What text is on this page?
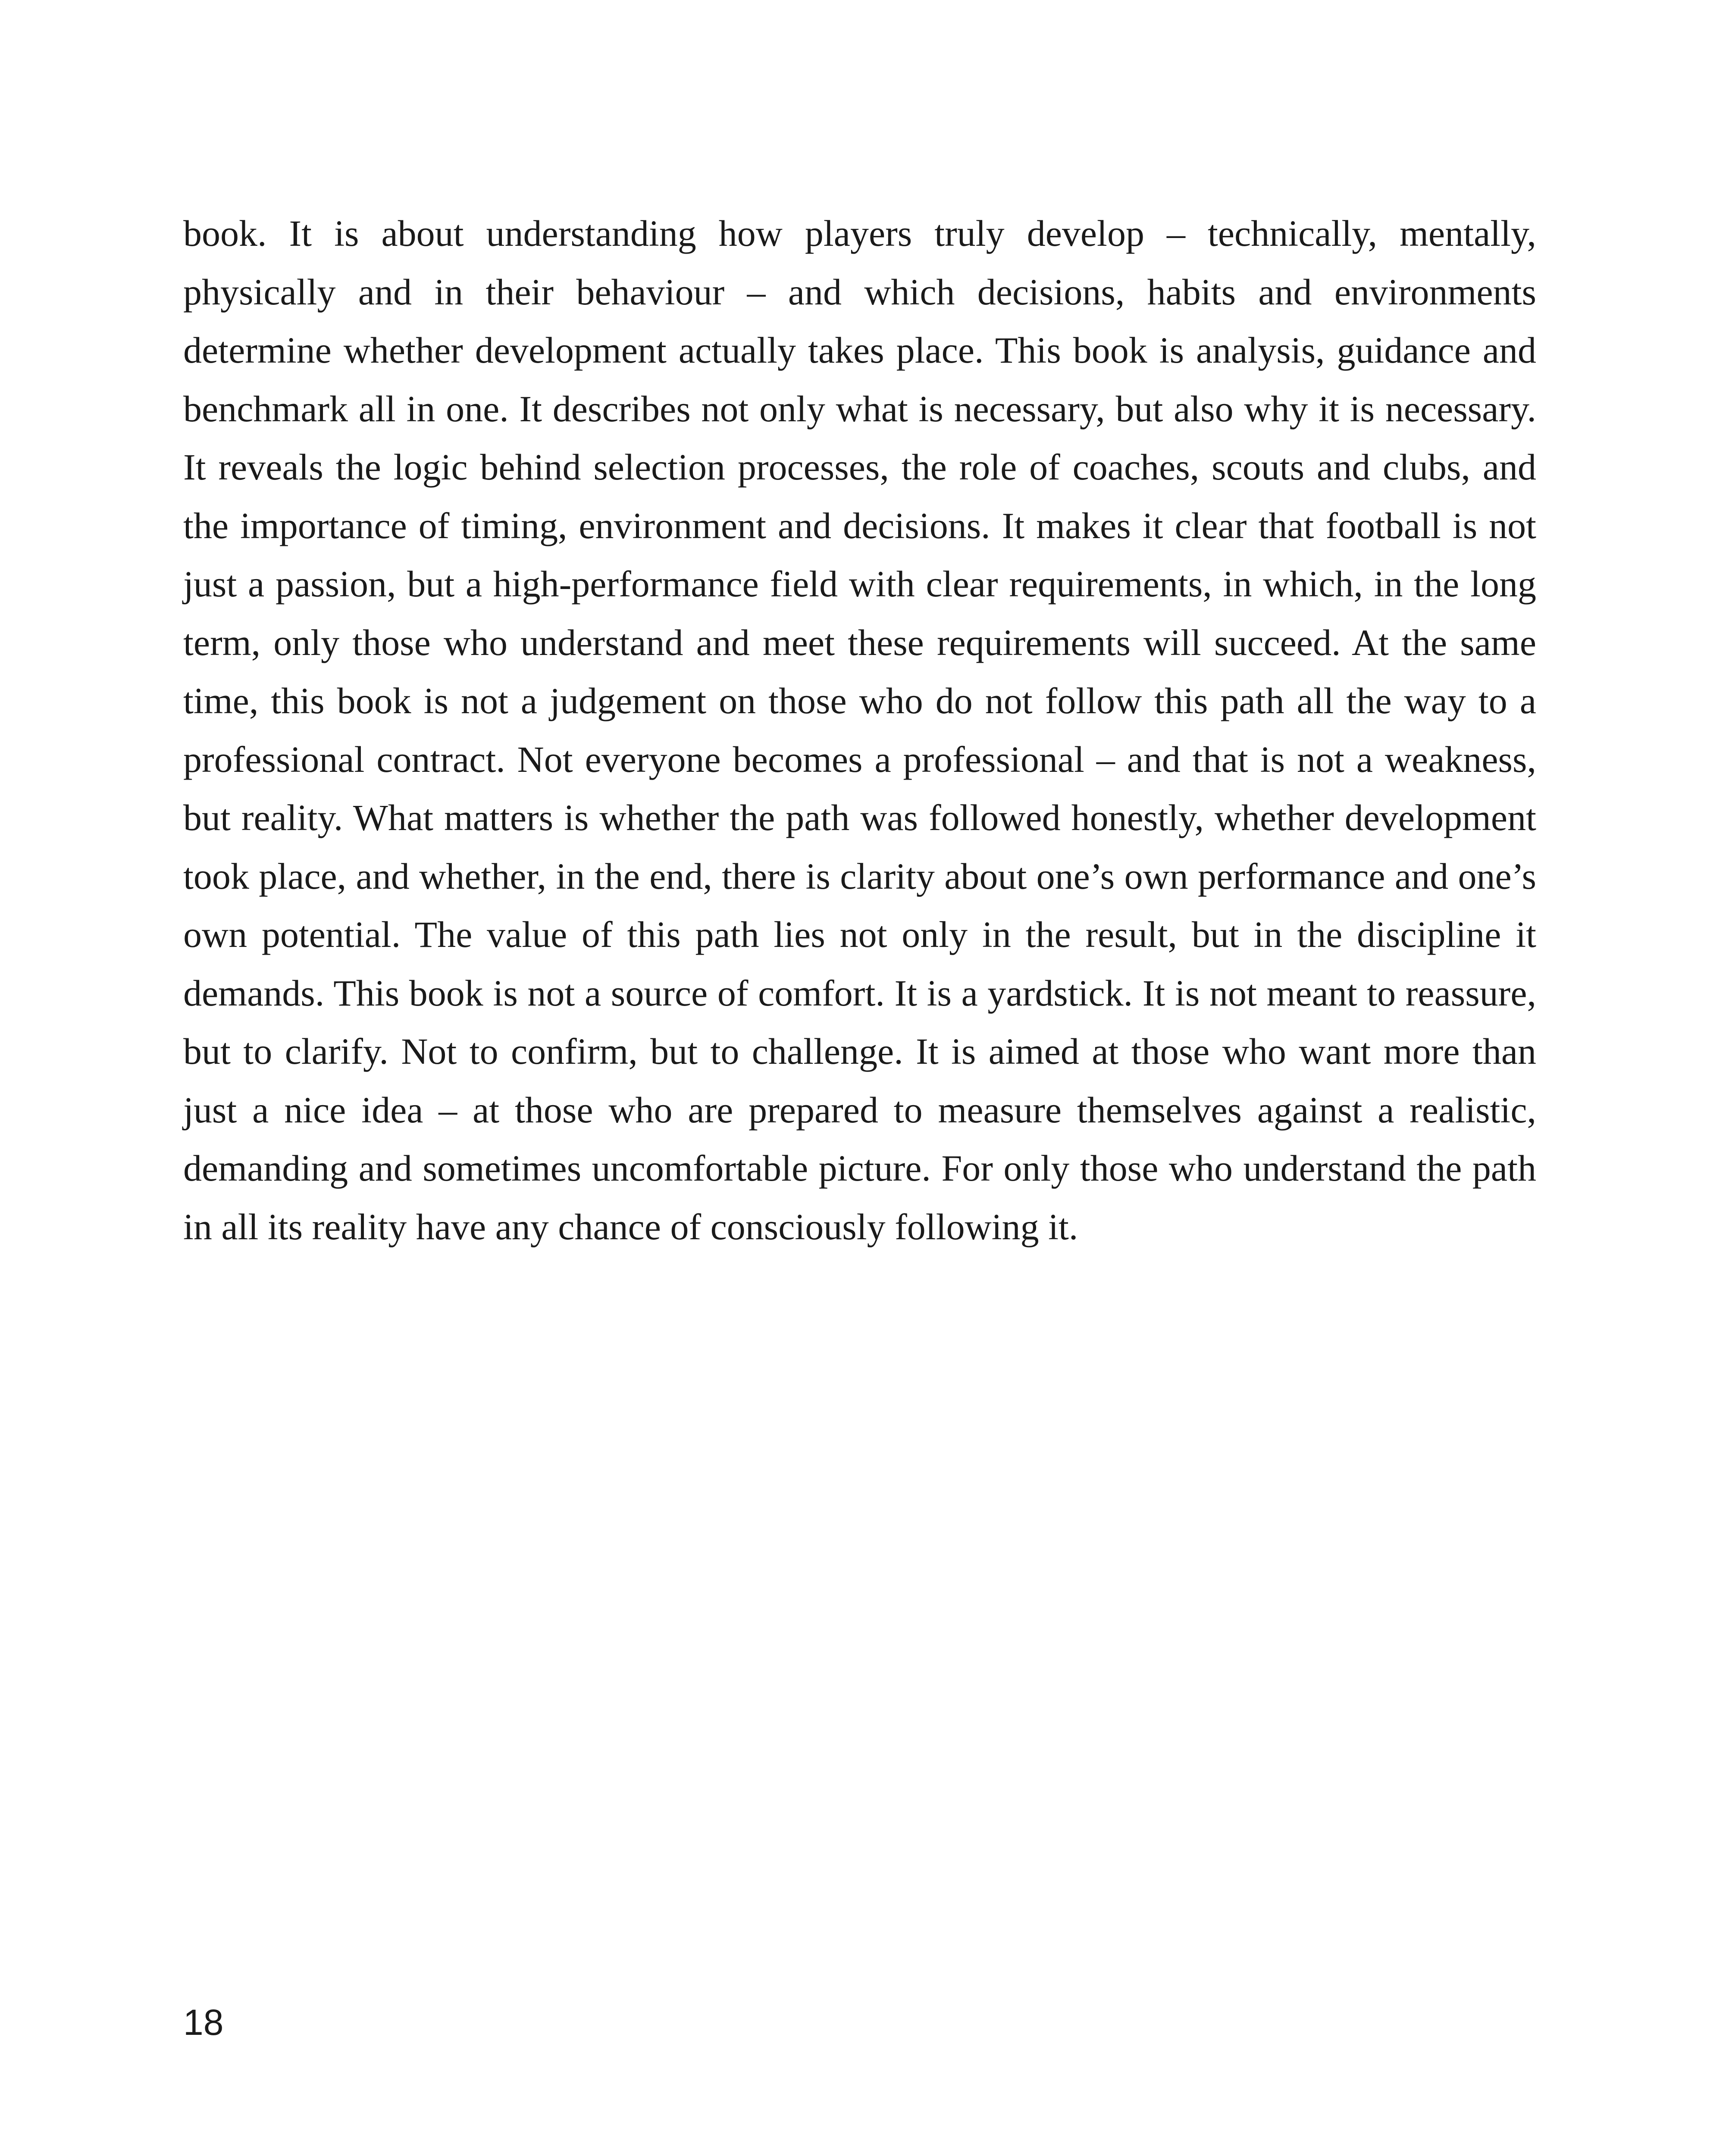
book. It is about understanding how players truly develop – technically, mentally, physically and in their behaviour – and which decisions, habits and environments determine whether development actually takes place. This book is analysis, guidance and benchmark all in one. It describes not only what is necessary, but also why it is necessary. It reveals the logic behind selection processes, the role of coaches, scouts and clubs, and the importance of timing, environment and decisions. It makes it clear that football is not just a passion, but a high-performance field with clear requirements, in which, in the long term, only those who understand and meet these requirements will succeed. At the same time, this book is not a judgement on those who do not follow this path all the way to a professional contract. Not everyone becomes a professional – and that is not a weakness, but reality. What matters is whether the path was followed honestly, whether development took place, and whether, in the end, there is clarity about one’s own performance and one’s own potential. The value of this path lies not only in the result, but in the discipline it demands. This book is not a source of comfort. It is a yardstick. It is not meant to reassure, but to clarify. Not to confirm, but to challenge. It is aimed at those who want more than just a nice idea – at those who are prepared to measure themselves against a realistic, demanding and sometimes uncomfortable picture. For only those who understand the path in all its reality have any chance of consciously following it.

18
